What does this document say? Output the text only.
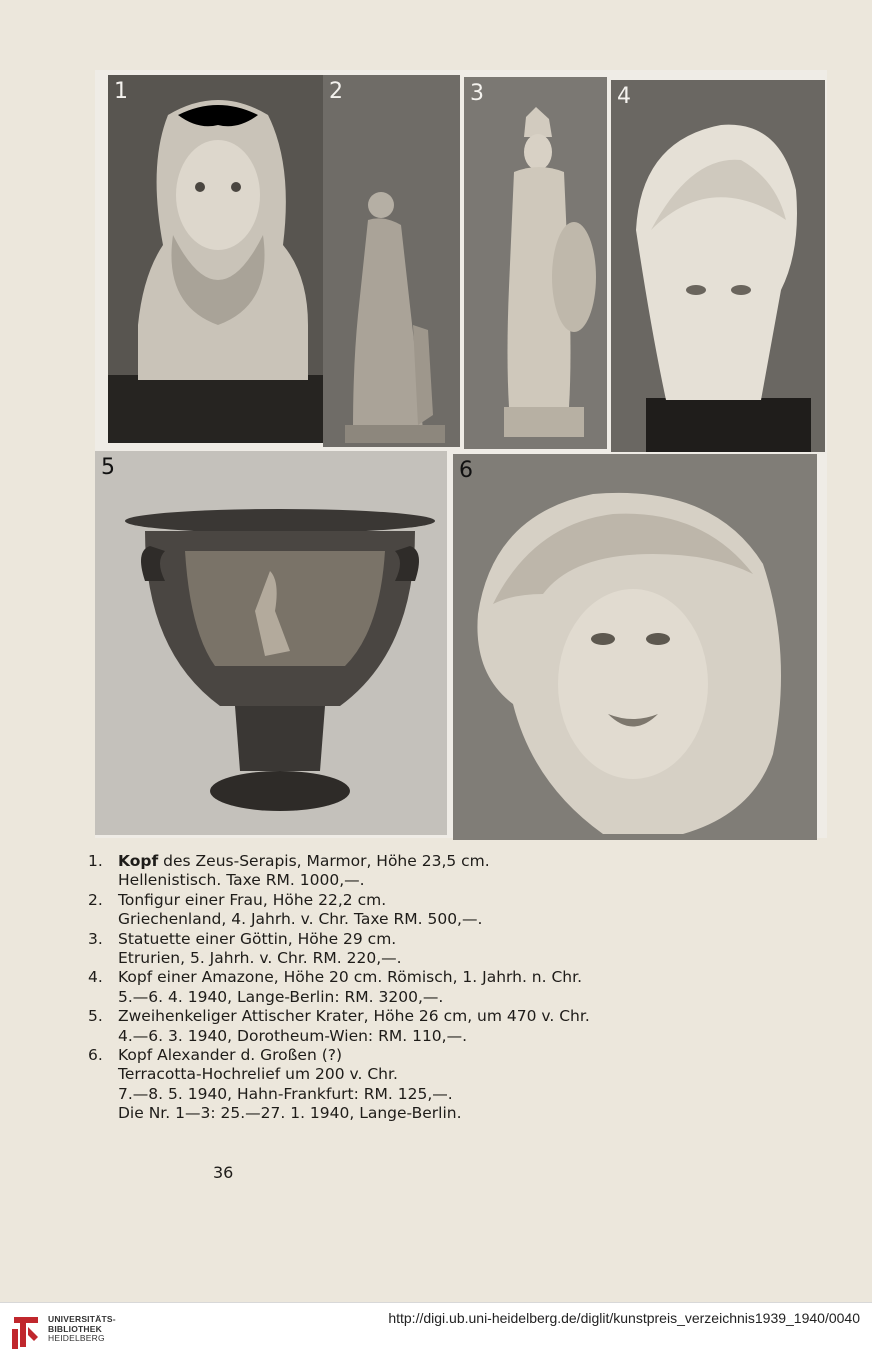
1	2	3	4
5	6
1. Kopf des Zeus-Serapis, Marmor, Höhe 23,5 cm.
Hellenistisch. Taxe RM. 1000,—.
2. Tonfigur einer Frau, Höhe 22,2 cm.
Griechenland, 4. Jahrh. v. Chr. Taxe RM. 500,—.
3. Statuette einer Göttin, Höhe 29 cm.
Etrurien, 5. Jahrh. v. Chr. RM. 220,—.
4. Kopf einer Amazone, Höhe 20 cm. Römisch, 1. Jahrh. n. Chr.
5.—6. 4. 1940, Lange-Berlin: RM. 3200,—.
5. Zweihenkeliger Attischer Krater, Höhe 26 cm, um 470 v. Chr.
4.—6. 3. 1940, Dorotheum-Wien: RM. 110,—.
6. Kopf Alexander d. Großen (?)
Terracotta-Hochrelief um 200 v. Chr.
7.—8. 5. 1940, Hahn-Frankfurt: RM. 125,—.
Die Nr. 1—3: 25.—27. 1. 1940, Lange-Berlin.
36
UNIVERSITÄTS-
BIBLIOTHEK
HEIDELBERG
http://digi.ub.uni-heidelberg.de/diglit/kunstpreis_verzeichnis1939_1940/0040
